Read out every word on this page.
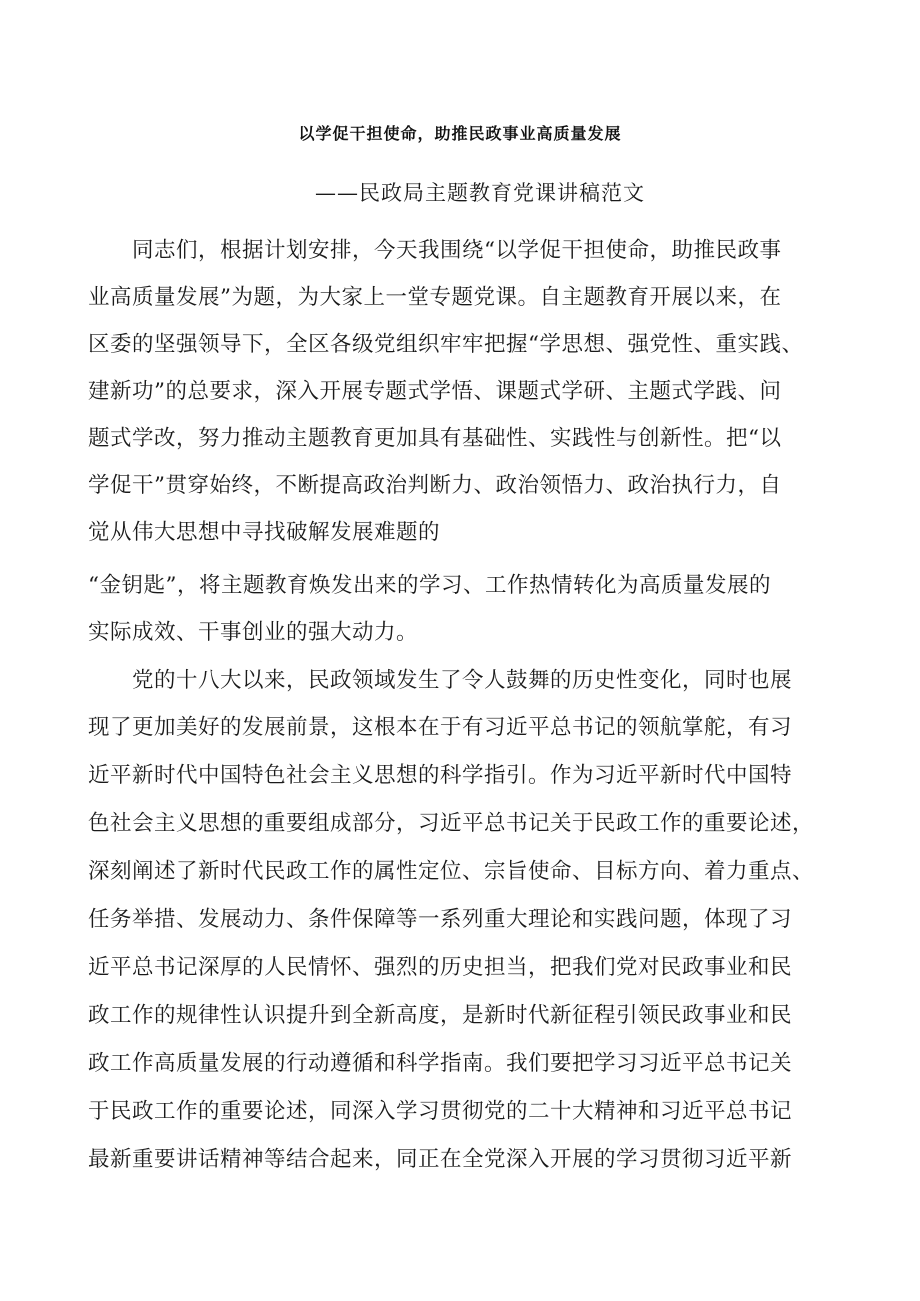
以学促干担使命，助推民政事业高质量发展
——民政局主题教育党课讲稿范文
　　同志们，根据计划安排，今天我围绕“以学促干担使命，助推民政事
业高质量发展”为题，为大家上一堂专题党课。自主题教育开展以来，在
区委的坚强领导下，全区各级党组织牢牢把握“学思想、强党性、重实践、
建新功”的总要求，深入开展专题式学悟、课题式学研、主题式学践、问
题式学改，努力推动主题教育更加具有基础性、实践性与创新性。把“以
学促干”贯穿始终，不断提高政治判断力、政治领悟力、政治执行力，自
觉从伟大思想中寻找破解发展难题的
“金钥匙”，将主题教育焕发出来的学习、工作热情转化为高质量发展的
实际成效、干事创业的强大动力。
　　党的十八大以来，民政领域发生了令人鼓舞的历史性变化，同时也展
现了更加美好的发展前景，这根本在于有习近平总书记的领航掌舵，有习
近平新时代中国特色社会主义思想的科学指引。作为习近平新时代中国特
色社会主义思想的重要组成部分，习近平总书记关于民政工作的重要论述，
深刻阐述了新时代民政工作的属性定位、宗旨使命、目标方向、着力重点、
任务举措、发展动力、条件保障等一系列重大理论和实践问题，体现了习
近平总书记深厚的人民情怀、强烈的历史担当，把我们党对民政事业和民
政工作的规律性认识提升到全新高度，是新时代新征程引领民政事业和民
政工作高质量发展的行动遵循和科学指南。我们要把学习习近平总书记关
于民政工作的重要论述，同深入学习贯彻党的二十大精神和习近平总书记
最新重要讲话精神等结合起来，同正在全党深入开展的学习贯彻习近平新
